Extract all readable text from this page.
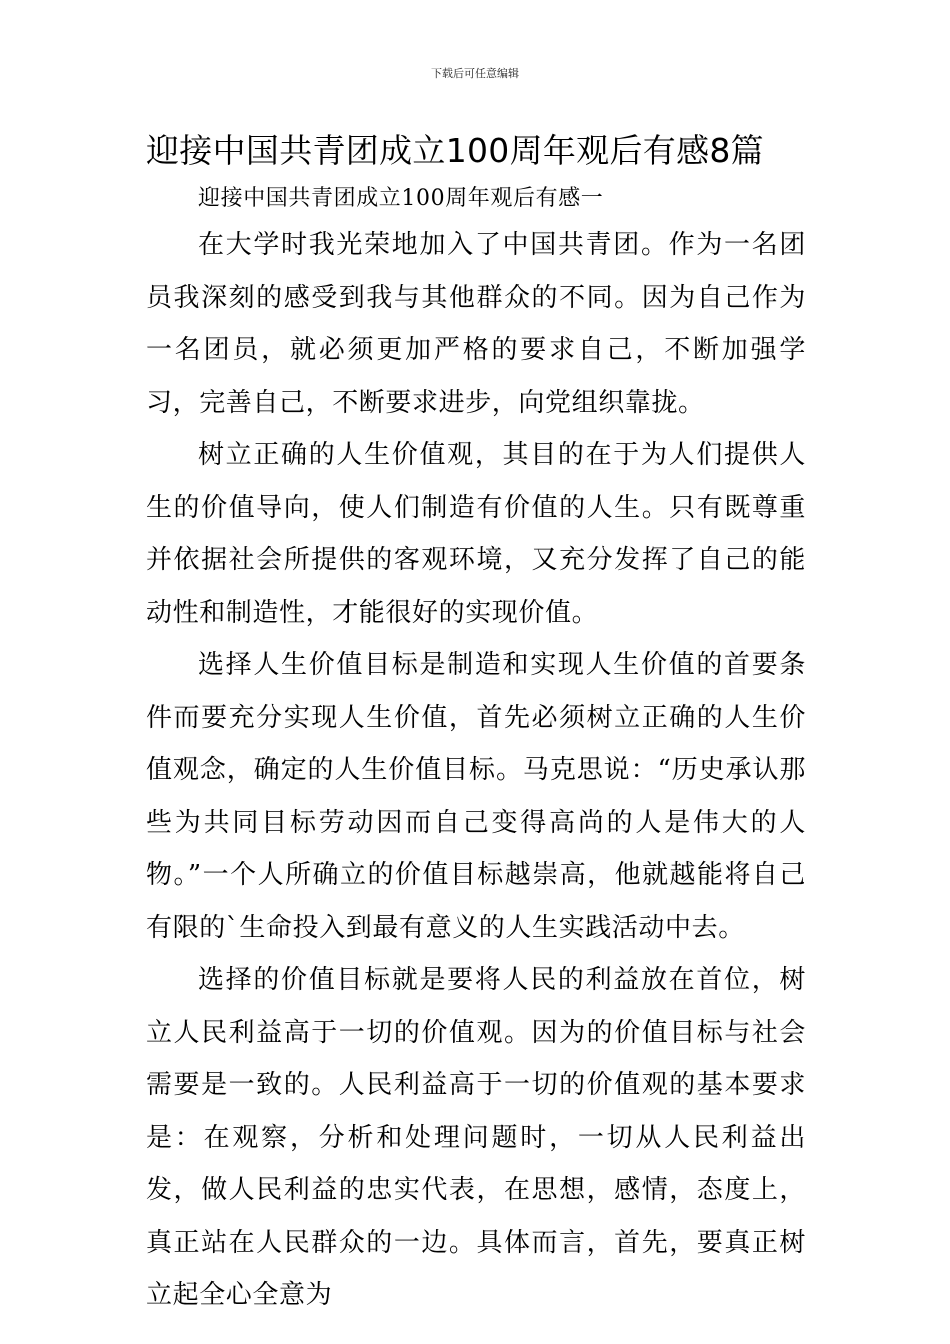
下载后可任意编辑
迎接中国共青团成立100周年观后有感8篇

迎接中国共青团成立100周年观后有感一

在大学时我光荣地加入了中国共青团。作为一名团员我深刻的感受到我与其他群众的不同。因为自己作为一名团员，就必须更加严格的要求自己，不断加强学习，完善自己，不断要求进步，向党组织靠拢。

树立正确的人生价值观，其目的在于为人们提供人生的价值导向，使人们制造有价值的人生。只有既尊重并依据社会所提供的客观环境，又充分发挥了自己的能动性和制造性，才能很好的实现价值。

选择人生价值目标是制造和实现人生价值的首要条件而要充分实现人生价值，首先必须树立正确的人生价值观念，确定的人生价值目标。马克思说：“历史承认那些为共同目标劳动因而自己变得高尚的人是伟大的人物。”一个人所确立的价值目标越崇高，他就越能将自己有限的`生命投入到最有意义的人生实践活动中去。

选择的价值目标就是要将人民的利益放在首位，树立人民利益高于一切的价值观。因为的价值目标与社会需要是一致的。人民利益高于一切的价值观的基本要求是：在观察，分析和处理问题时，一切从人民利益出发，做人民利益的忠实代表，在思想，感情，态度上，真正站在人民群众的一边。具体而言，首先，要真正树立起全心全意为
